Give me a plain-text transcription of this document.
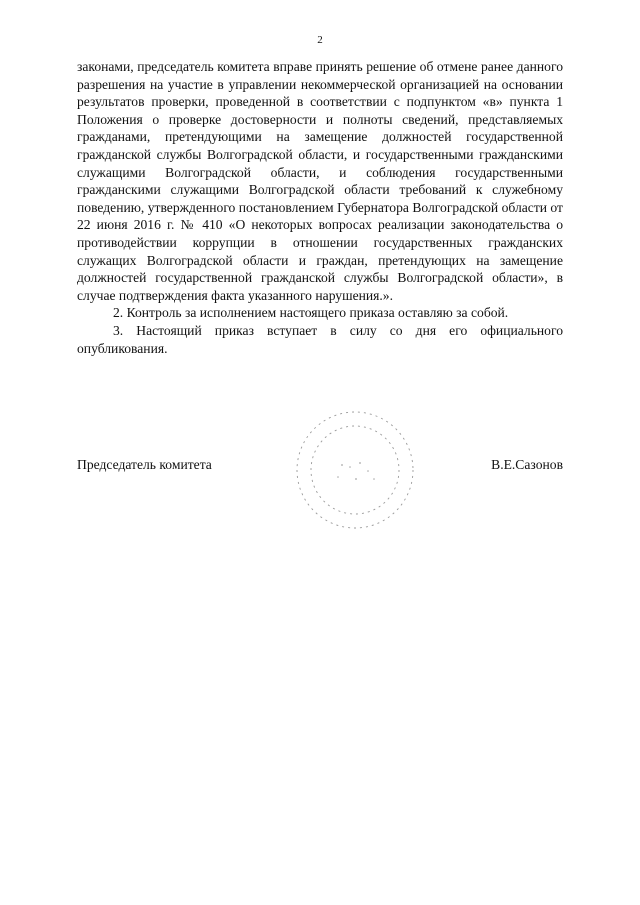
2

законами, председатель комитета вправе принять решение об отмене ранее данного разрешения на участие в управлении некоммерческой организацией на основании результатов проверки, проведенной в соответствии с подпунктом «в» пункта 1 Положения о проверке достоверности и полноты сведений, представляемых гражданами, претендующими на замещение должностей государственной гражданской службы Волгоградской области, и государственными гражданскими служащими Волгоградской области, и соблюдения государственными гражданскими служащими Волгоградской области требований к служебному поведению, утвержденного постановлением Губернатора Волгоградской области от 22 июня 2016 г. № 410 «О некоторых вопросах реализации законодательства о противодействии коррупции в отношении государственных гражданских служащих Волгоградской области и граждан, претендующих на замещение должностей государственной гражданской службы Волгоградской области», в случае подтверждения факта указанного нарушения.».

2. Контроль за исполнением настоящего приказа оставляю за собой.

3. Настоящий приказ вступает в силу со дня его официального опубликования.

Председатель комитета	В.Е.Сазонов
